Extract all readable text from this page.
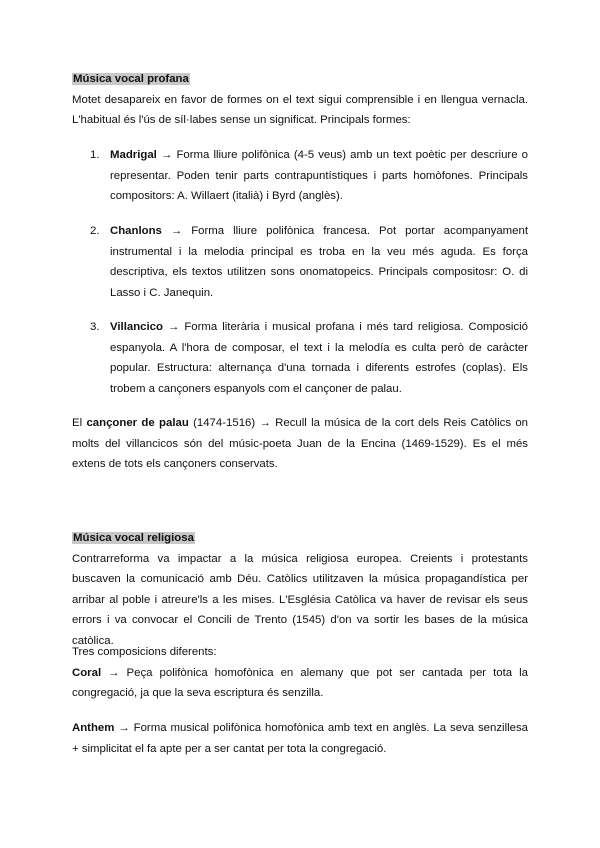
Música vocal profana

Motet desapareix en favor de formes on el text sigui comprensible i en llengua vernacla. L'habitual és l'ús de síl·labes sense un significat. Principals formes:

1. Madrigal → Forma lliure polifònica (4-5 veus) amb un text poètic per descriure o representar. Poden tenir parts contrapuntístiques i parts homòfones. Principals compositors: A. Willaert (italià) i Byrd (anglès).

2. Chanlons → Forma lliure polifònica francesa. Pot portar acompanyament instrumental i la melodia principal es troba en la veu més aguda. Es força descriptiva, els textos utilitzen sons onomatopeics. Principals compositosr: O. di Lasso i C. Janequin.

3. Villancico → Forma literària i musical profana i més tard religiosa. Composició espanyola. A l'hora de composar, el text i la melodía es culta però de caràcter popular. Estructura: alternança d'una tornada i diferents estrofes (coplas). Els trobem a cançoners espanyols com el cançoner de palau.

El cançoner de palau (1474-1516) → Recull la música de la cort dels Reis Catòlics on molts del villancicos són del músic-poeta Juan de la Encina (1469-1529). Es el més extens de tots els cançoners conservats.

Música vocal religiosa

Contrarreforma va impactar a la música religiosa europea. Creients i protestants buscaven la comunicació amb Déu. Catòlics utilitzaven la música propagandística per arribar al poble i atreure'ls a les mises. L'Església Catòlica va haver de revisar els seus errors i va convocar el Concili de Trento (1545) d'on va sortir les bases de la música catòlica.

Tres composicions diferents:

Coral → Peça polifònica homofònica en alemany que pot ser cantada per tota la congregació, ja que la seva escriptura és senzilla.

Anthem → Forma musical polifònica homofònica amb text en anglès. La seva senzillesa + simplicitat el fa apte per a ser cantat per tota la congregació.
